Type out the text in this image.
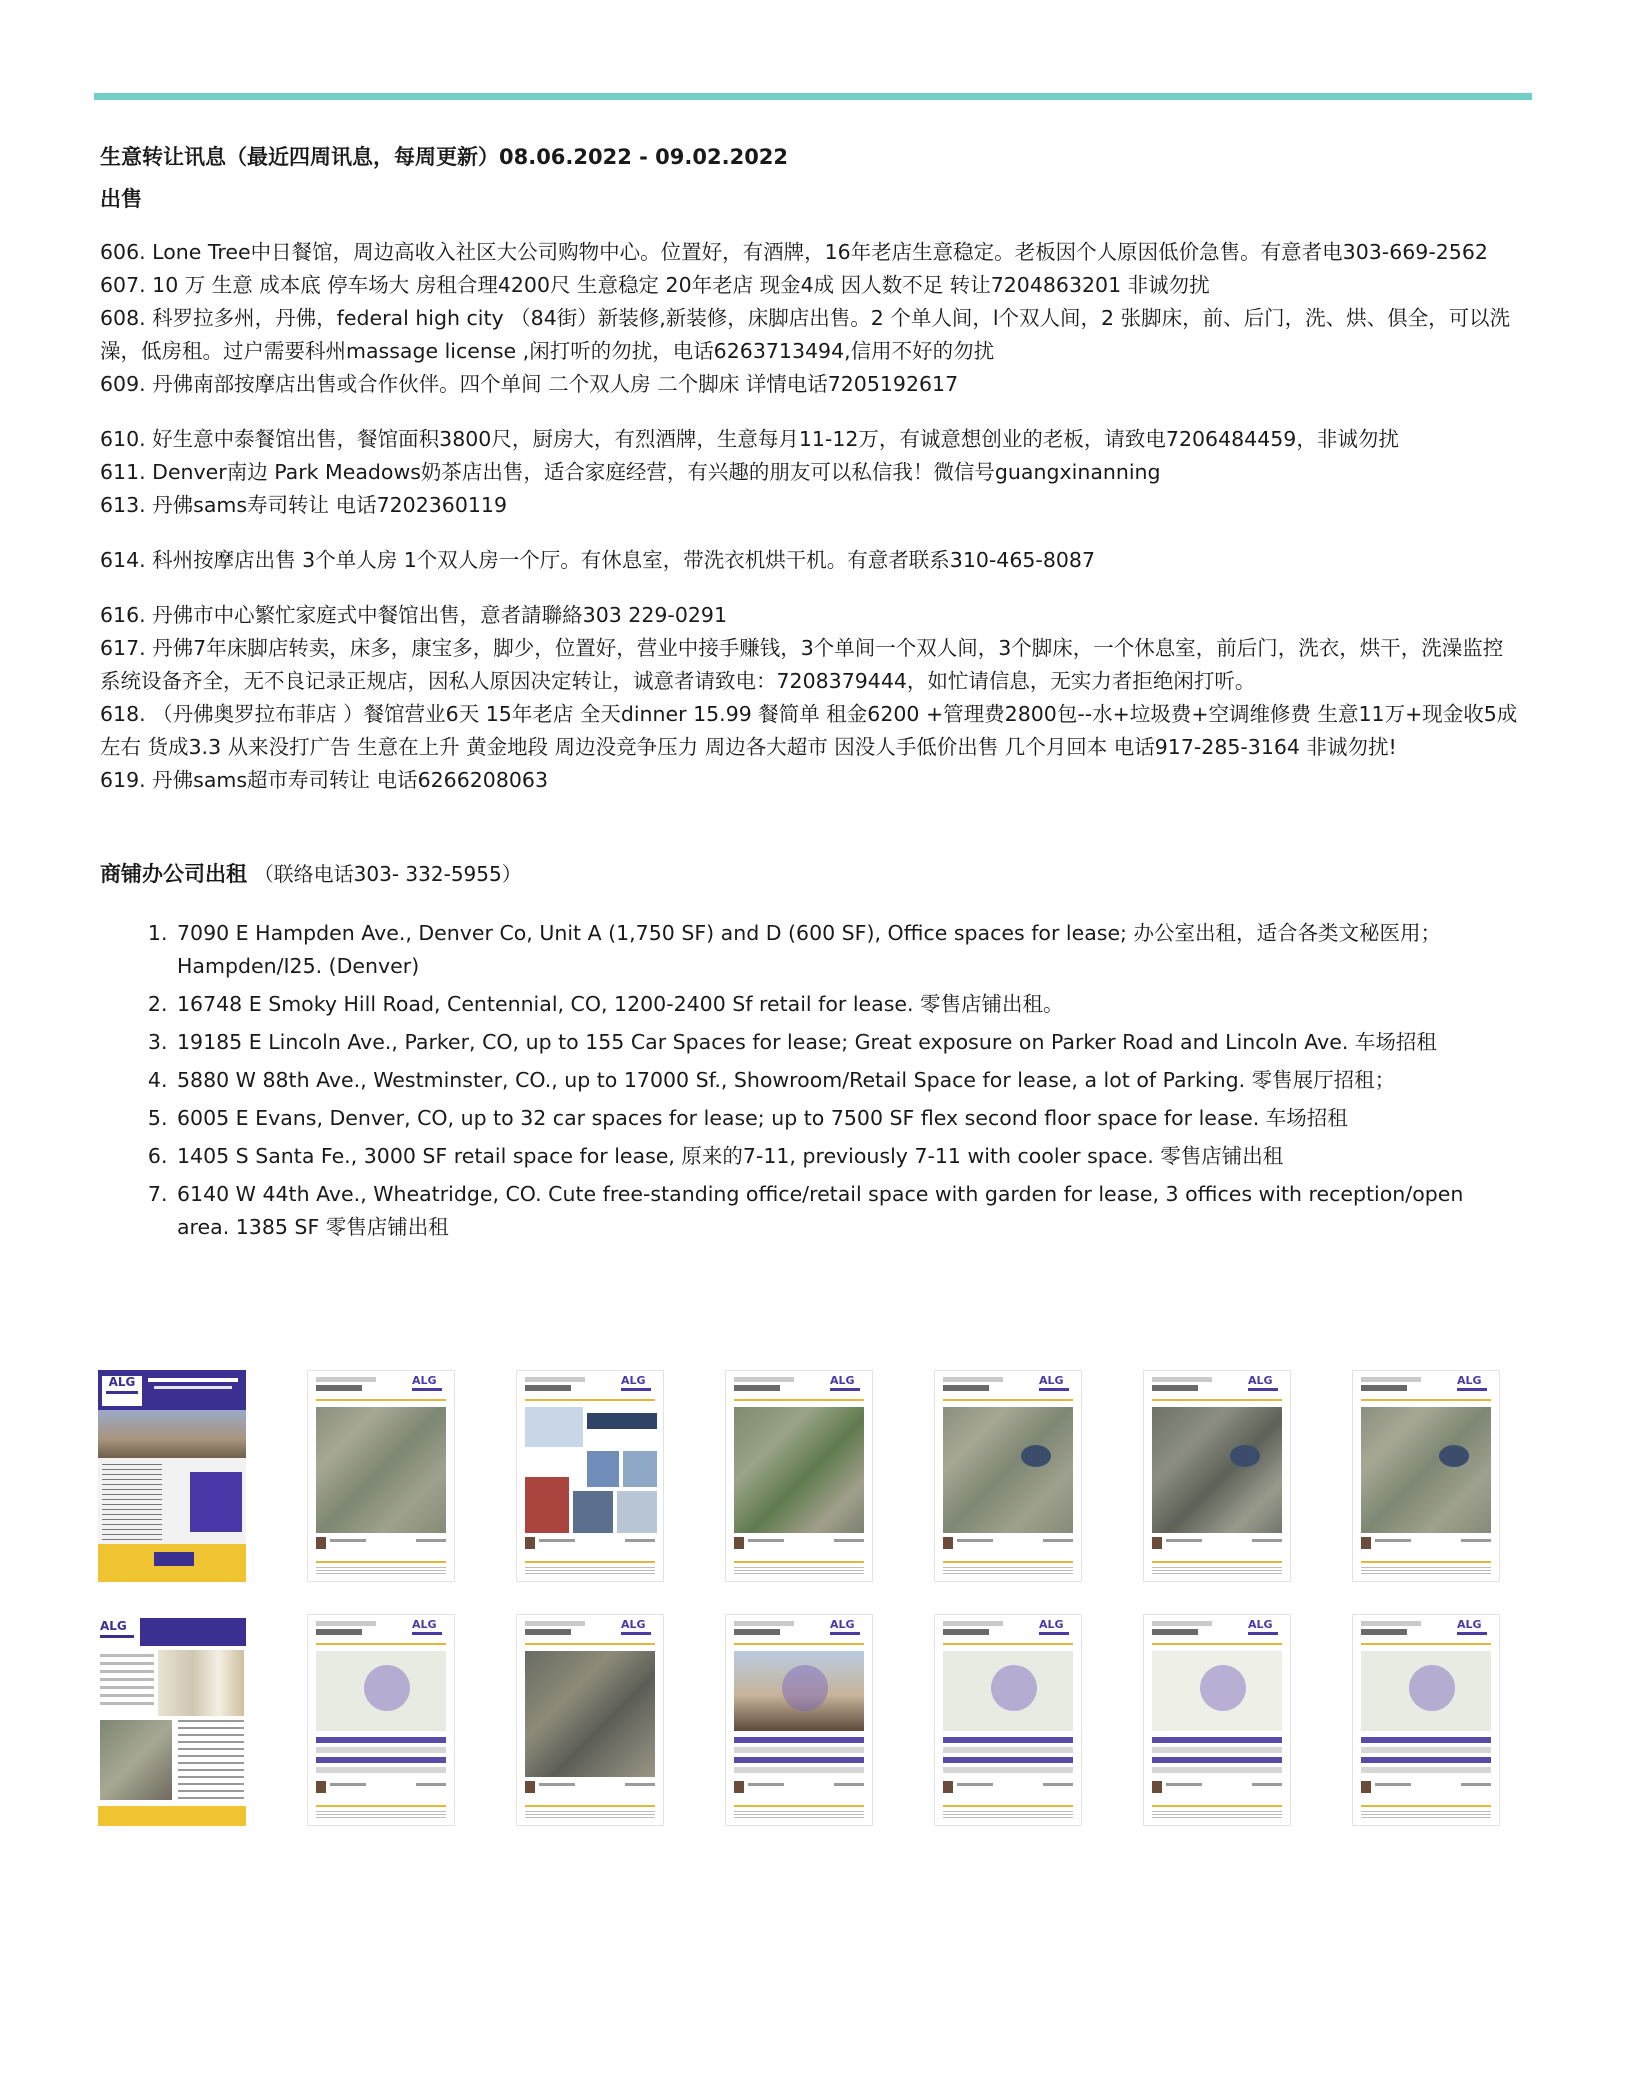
生意转让讯息（最近四周讯息，每周更新）08.06.2022 - 09.02.2022

出售

606. Lone Tree中日餐馆，周边高收入社区大公司购物中心。位置好，有酒牌，16年老店生意稳定。老板因个人原因低价急售。有意者电303-669-2562

607. 10 万 生意 成本底 停车场大 房租合理4200尺 生意稳定 20年老店 现金4成 因人数不足 转让7204863201 非诚勿扰

608. 科罗拉多州，丹佛，federal high city （84街）新装修,新装修，床脚店出售。2 个单人间，l个双人间，2 张脚床，前、后门，洗、烘、俱全，可以洗澡，低房租。过户需要科州massage license ,闲打听的勿扰，电话6263713494,信用不好的勿扰

609. 丹佛南部按摩店出售或合作伙伴。四个单间 二个双人房 二个脚床 详情电话7205192617

610. 好生意中泰餐馆出售，餐馆面积3800尺，厨房大，有烈酒牌，生意每月11-12万，有诚意想创业的老板，请致电7206484459，非诚勿扰

611. Denver南边 Park Meadows奶茶店出售，适合家庭经营，有兴趣的朋友可以私信我！微信号guangxinanning

613. 丹佛sams寿司转让 电话7202360119

614. 科州按摩店出售 3个单人房 1个双人房一个厅。有休息室，带洗衣机烘干机。有意者联系310-465-8087

616. 丹佛市中心繁忙家庭式中餐馆出售，意者請聯絡303 229-0291

617. 丹佛7年床脚店转卖，床多，康宝多，脚少，位置好，营业中接手赚钱，3个单间一个双人间，3个脚床，一个休息室，前后门，洗衣，烘干，洗澡监控系统设备齐全，无不良记录正规店，因私人原因决定转让，诚意者请致电：7208379444，如忙请信息，无实力者拒绝闲打听。

618. （丹佛奥罗拉布菲店 ）餐馆营业6天 15年老店 全天dinner 15.99 餐简单 租金6200 +管理费2800包--水+垃圾费+空调维修费 生意11万+现金收5成左右 货成3.3 从来没打广告 生意在上升 黄金地段 周边没竞争压力 周边各大超市 因没人手低价出售 几个月回本 电话917-285-3164 非诚勿扰!

619. 丹佛sams超市寿司转让 电话6266208063

商铺办公司出租 （联络电话303- 332-5955）

1. 7090 E Hampden Ave., Denver Co, Unit A (1,750 SF) and D (600 SF), Office spaces for lease; 办公室出租，适合各类文秘医用；Hampden/I25. (Denver)
2. 16748 E Smoky Hill Road, Centennial, CO, 1200-2400 Sf retail for lease. 零售店铺出租。
3. 19185 E Lincoln Ave., Parker, CO, up to 155 Car Spaces for lease; Great exposure on Parker Road and Lincoln Ave. 车场招租
4. 5880 W 88th Ave., Westminster, CO., up to 17000 Sf., Showroom/Retail Space for lease, a lot of Parking. 零售展厅招租；
5. 6005 E Evans, Denver, CO, up to 32 car spaces for lease; up to 7500 SF flex second floor space for lease. 车场招租
6. 1405 S Santa Fe., 3000 SF retail space for lease, 原来的7-11, previously 7-11 with cooler space. 零售店铺出租
7. 6140 W 44th Ave., Wheatridge, CO. Cute free-standing office/retail space with garden for lease, 3 offices with reception/open area. 1385 SF 零售店铺出租
ALG	ALG	ALG	ALG	ALG	ALG	ALG
ALG	ALG	ALG	ALG	ALG	ALG	ALG
